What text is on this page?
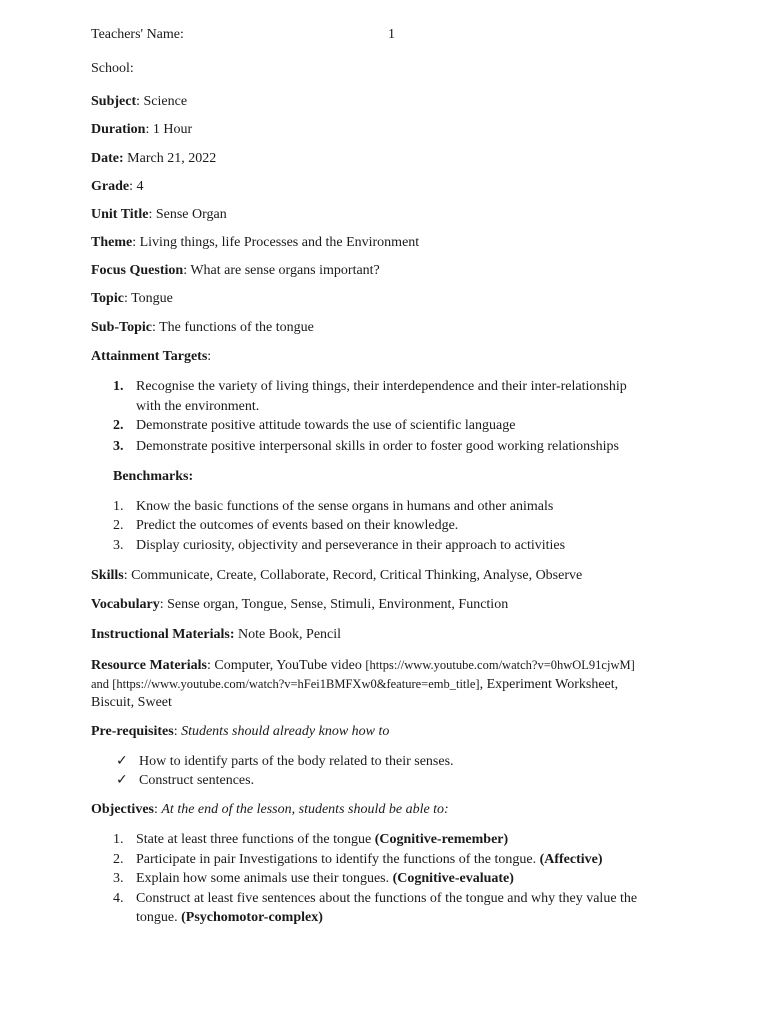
Teachers' Name:	1
School:
Subject: Science
Duration: 1 Hour
Date: March 21, 2022
Grade: 4
Unit Title: Sense Organ
Theme: Living things, life Processes and the Environment
Focus Question: What are sense organs important?
Topic: Tongue
Sub-Topic: The functions of the tongue
Attainment Targets:
1. Recognise the variety of living things, their interdependence and their inter-relationship
with the environment.
2. Demonstrate positive attitude towards the use of scientific language
3. Demonstrate positive interpersonal skills in order to foster good working relationships
Benchmarks:
1. Know the basic functions of the sense organs in humans and other animals
2. Predict the outcomes of events based on their knowledge.
3. Display curiosity, objectivity and perseverance in their approach to activities
Skills: Communicate, Create, Collaborate, Record, Critical Thinking, Analyse, Observe
Vocabulary: Sense organ, Tongue, Sense, Stimuli, Environment, Function
Instructional Materials: Note Book, Pencil
Resource Materials: Computer, YouTube video [https://www.youtube.com/watch?v=0hwOL91cjwM]
and [https://www.youtube.com/watch?v=hFei1BMFXw0&feature=emb_title], Experiment Worksheet,
Biscuit, Sweet
Pre-requisites: Students should already know how to
✓ How to identify parts of the body related to their senses.
✓ Construct sentences.
Objectives: At the end of the lesson, students should be able to:
1. State at least three functions of the tongue (Cognitive-remember)
2. Participate in pair Investigations to identify the functions of the tongue. (Affective)
3. Explain how some animals use their tongues. (Cognitive-evaluate)
4. Construct at least five sentences about the functions of the tongue and why they value the
tongue. (Psychomotor-complex)
